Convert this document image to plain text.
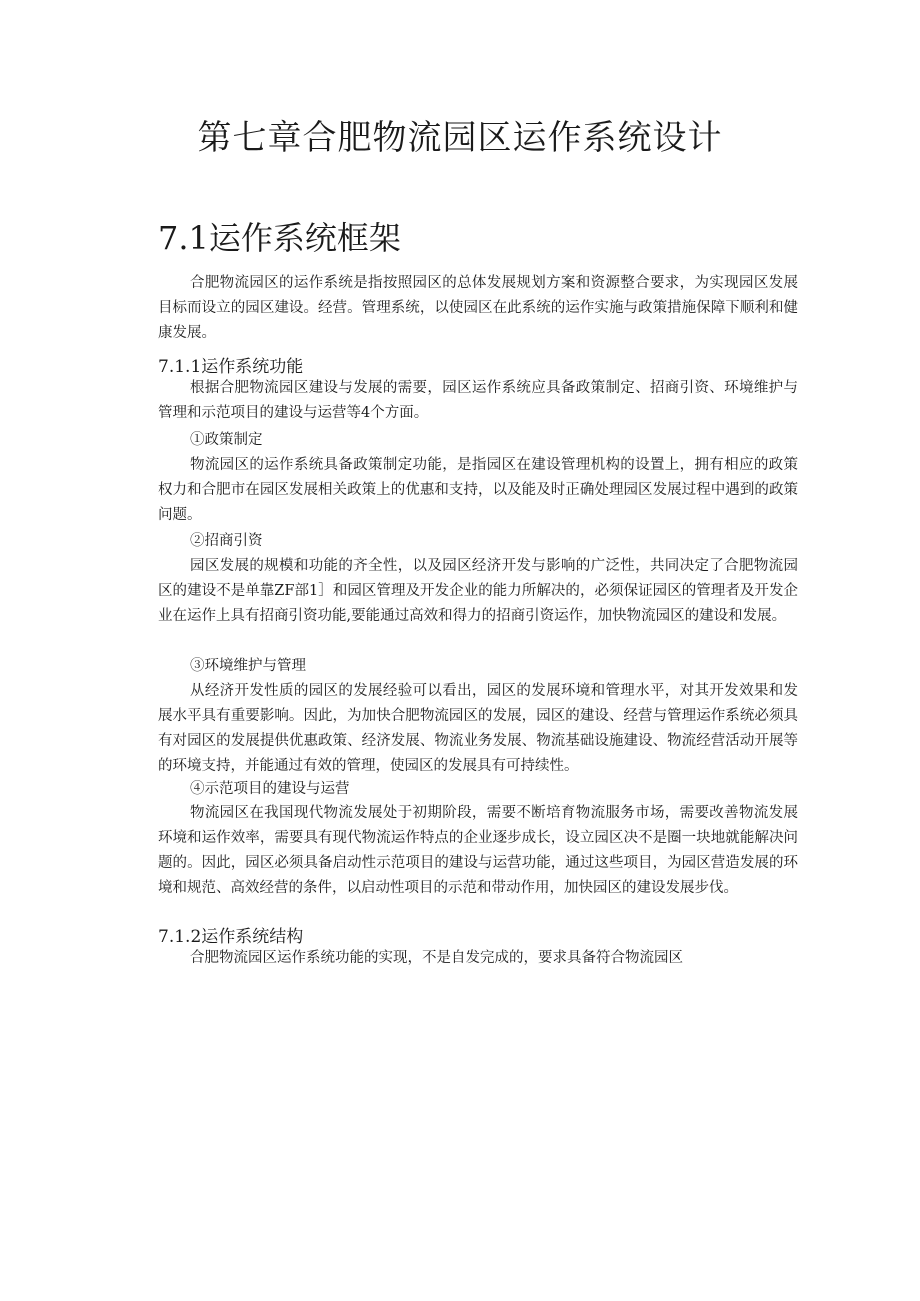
第七章合肥物流园区运作系统设计
7.1运作系统框架

合肥物流园区的运作系统是指按照园区的总体发展规划方案和资源整合要求，为实现园区发展目标而设立的园区建设。经营。管理系统，以使园区在此系统的运作实施与政策措施保障下顺利和健康发展。

7.1.1运作系统功能

根据合肥物流园区建设与发展的需要，园区运作系统应具备政策制定、招商引资、环境维护与管理和示范项目的建设与运营等4个方面。

①政策制定

物流园区的运作系统具备政策制定功能，是指园区在建设管理机构的设置上，拥有相应的政策权力和合肥市在园区发展相关政策上的优惠和支持，以及能及时正确处理园区发展过程中遇到的政策问题。

②招商引资

园区发展的规模和功能的齐全性，以及园区经济开发与影响的广泛性，共同决定了合肥物流园区的建设不是单靠ZF部1］和园区管理及开发企业的能力所解决的，必须保证园区的管理者及开发企业在运作上具有招商引资功能,要能通过高效和得力的招商引资运作，加快物流园区的建设和发展。

③环境维护与管理

从经济开发性质的园区的发展经验可以看出，园区的发展环境和管理水平，对其开发效果和发展水平具有重要影响。因此，为加快合肥物流园区的发展，园区的建设、经营与管理运作系统必须具有对园区的发展提供优惠政策、经济发展、物流业务发展、物流基础设施建设、物流经营活动开展等的环境支持，并能通过有效的管理，使园区的发展具有可持续性。

④示范项目的建设与运营

物流园区在我国现代物流发展处于初期阶段，需要不断培育物流服务市场，需要改善物流发展环境和运作效率，需要具有现代物流运作特点的企业逐步成长，设立园区决不是圈一块地就能解决问题的。因此，园区必须具备启动性示范项目的建设与运营功能，通过这些项目，为园区营造发展的环境和规范、高效经营的条件，以启动性项目的示范和带动作用，加快园区的建设发展步伐。

7.1.2运作系统结构

合肥物流园区运作系统功能的实现，不是自发完成的，要求具备符合物流园区
